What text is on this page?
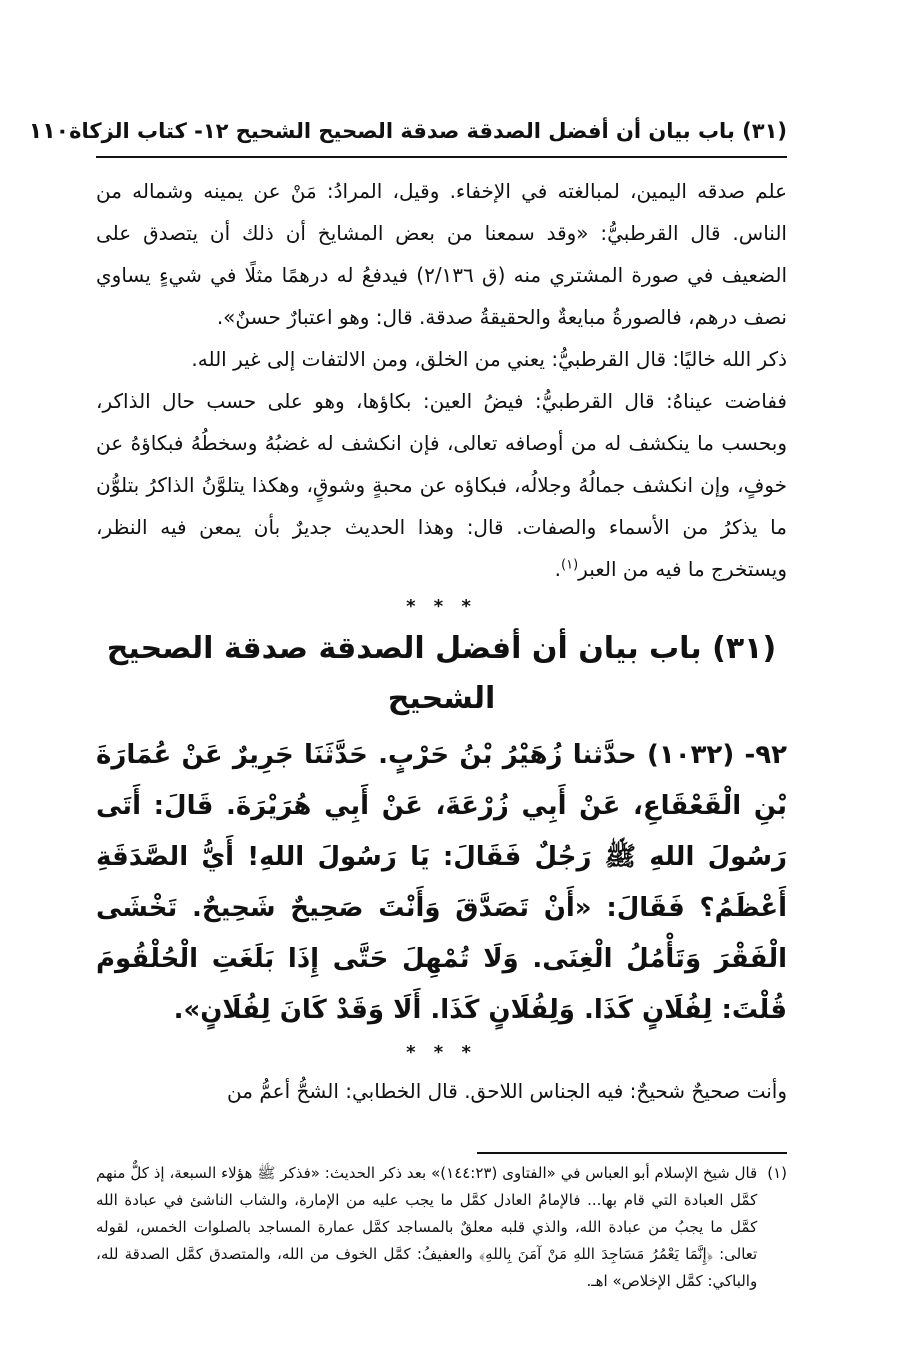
(٣١) باب بيان أن أفضل الصدقة صدقة الصحيح الشحيح ١٢- كتاب الزكاة
١١٠

علم صدقه اليمين، لمبالغته في الإخفاء. وقيل، المرادُ: مَنْ عن يمينه وشماله من الناس. قال القرطبيُّ: «وقد سمعنا من بعض المشايخ أن ذلك أن يتصدق على الضعيف في صورة المشتري منه (ق ٢/١٣٦) فيدفعُ له درهمًا مثلًا في شيءٍ يساوي نصف درهم، فالصورةُ مبايعةٌ والحقيقةُ صدقة. قال: وهو اعتبارٌ حسنٌ».

ذكر الله خاليًا: قال القرطبيُّ: يعني من الخلق، ومن الالتفات إلى غير الله.

ففاضت عيناهُ: قال القرطبيُّ: فيضُ العين: بكاؤها، وهو على حسب حال الذاكر، وبحسب ما ينكشف له من أوصافه تعالى، فإن انكشف له غضبُهُ وسخطُهُ فبكاؤهُ عن خوفٍ، وإن انكشف جمالُهُ وجلالُه، فبكاؤه عن محبةٍ وشوقٍ، وهكذا يتلوَّنُ الذاكرُ بتلوُّن ما يذكرُ من الأسماء والصفات. قال: وهذا الحديث جديرٌ بأن يمعن فيه النظر، ويستخرج ما فيه من العبر$^{(١)}$.

* * *
(٣١) باب بيان أن أفضل الصدقة صدقة الصحيح الشحيح
٩٢- (١٠٣٢) حدَّثنا زُهَيْرُ بْنُ حَرْبٍ. حَدَّثَنَا جَرِيرٌ عَنْ عُمَارَةَ بْنِ الْقَعْقَاعِ، عَنْ أَبِي زُرْعَةَ، عَنْ أَبِي هُرَيْرَةَ. قَالَ: أَتَى رَسُولَ اللهِ ﷺ رَجُلٌ فَقَالَ: يَا رَسُولَ اللهِ! أَيُّ الصَّدَقَةِ أَعْظَمُ؟ فَقَالَ: «أَنْ تَصَدَّقَ وَأَنْتَ صَحِيحٌ شَحِيحٌ. تَخْشَى الْفَقْرَ وَتَأْمُلُ الْغِنَى. وَلَا تُمْهِلَ حَتَّى إِذَا بَلَغَتِ الْحُلْقُومَ قُلْتَ: لِفُلَانٍ كَذَا. وَلِفُلَانٍ كَذَا. أَلَا وَقَدْ كَانَ لِفُلَانٍ».
* * *
وأنت صحيحٌ شحيحٌ: فيه الجناس اللاحق. قال الخطابي: الشحُّ أعمُّ من
(١)
قال شيخ الإسلام أبو العباس في «الفتاوى (١٤٤:٢٣)» بعد ذكر الحديث: «فذكر ﷺ هؤلاء السبعة، إذ كلٌّ منهم كمَّل العبادة التي قام بها... فالإمامُ العادل كمَّل ما يجب عليه من الإمارة، والشاب الناشئ في عبادة الله كمَّل ما يجبُ من عبادة الله، والذي قلبه معلقٌ بالمساجد كمَّل عمارة المساجد بالصلوات الخمس، لقوله تعالى: ﴿إِنَّمَا يَعْمُرُ مَسَاجِدَ اللهِ مَنْ آمَنَ بِاللهِ﴾ والعفيفُ: كمَّل الخوف من الله، والمتصدق كمَّل الصدقة لله، والباكي: كمَّل الإخلاص» اهـ.
